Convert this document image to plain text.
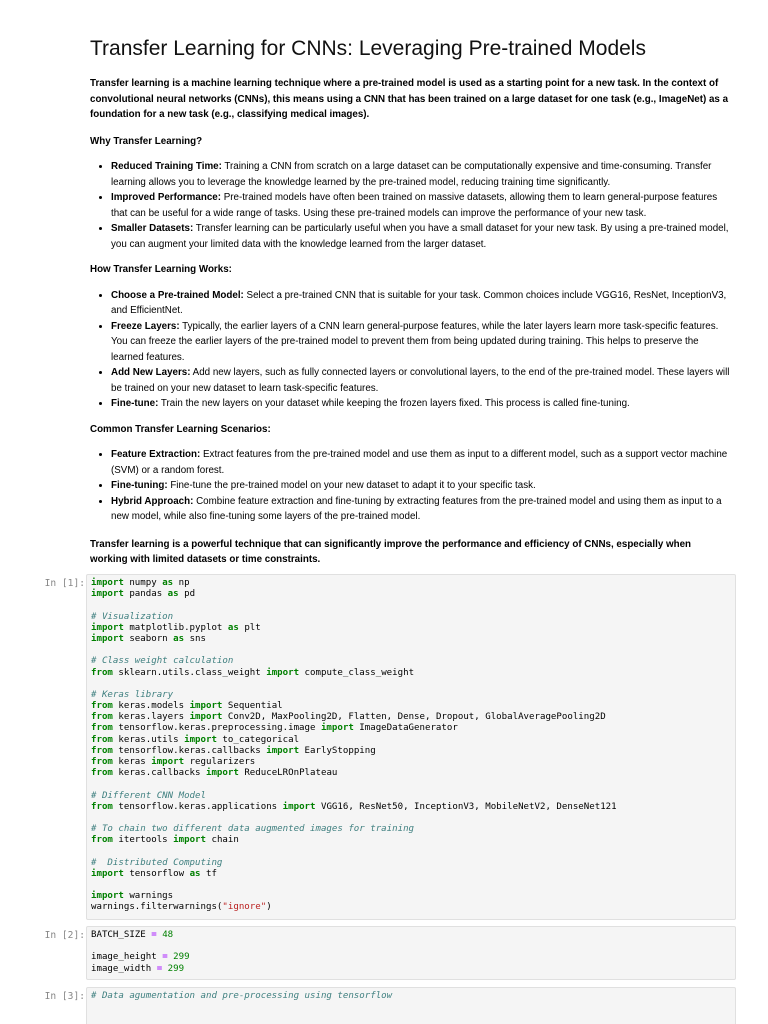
Transfer Learning for CNNs: Leveraging Pre-trained Models

Transfer learning is a machine learning technique where a pre-trained model is used as a starting point for a new task. In the context of convolutional neural networks (CNNs), this means using a CNN that has been trained on a large dataset for one task (e.g., ImageNet) as a foundation for a new task (e.g., classifying medical images).

Why Transfer Learning?

• Reduced Training Time: Training a CNN from scratch on a large dataset can be computationally expensive and time-consuming. Transfer learning allows you to leverage the knowledge learned by the pre-trained model, reducing training time significantly.
• Improved Performance: Pre-trained models have often been trained on massive datasets, allowing them to learn general-purpose features that can be useful for a wide range of tasks. Using these pre-trained models can improve the performance of your new task.
• Smaller Datasets: Transfer learning can be particularly useful when you have a small dataset for your new task. By using a pre-trained model, you can augment your limited data with the knowledge learned from the larger dataset.

How Transfer Learning Works:

• Choose a Pre-trained Model: Select a pre-trained CNN that is suitable for your task. Common choices include VGG16, ResNet, InceptionV3, and EfficientNet.
• Freeze Layers: Typically, the earlier layers of a CNN learn general-purpose features, while the later layers learn more task-specific features. You can freeze the earlier layers of the pre-trained model to prevent them from being updated during training. This helps to preserve the learned features.
• Add New Layers: Add new layers, such as fully connected layers or convolutional layers, to the end of the pre-trained model. These layers will be trained on your new dataset to learn task-specific features.
• Fine-tune: Train the new layers on your dataset while keeping the frozen layers fixed. This process is called fine-tuning.

Common Transfer Learning Scenarios:

• Feature Extraction: Extract features from the pre-trained model and use them as input to a different model, such as a support vector machine (SVM) or a random forest.
• Fine-tuning: Fine-tune the pre-trained model on your new dataset to adapt it to your specific task.
• Hybrid Approach: Combine feature extraction and fine-tuning by extracting features from the pre-trained model and using them as input to a new model, while also fine-tuning some layers of the pre-trained model.

Transfer learning is a powerful technique that can significantly improve the performance and efficiency of CNNs, especially when working with limited datasets or time constraints.

In [1]: import numpy as np
import pandas as pd

# Visualization
import matplotlib.pyplot as plt
import seaborn as sns

# Class weight calculation
from sklearn.utils.class_weight import compute_class_weight

# Keras library
from keras.models import Sequential
from keras.layers import Conv2D, MaxPooling2D, Flatten, Dense, Dropout, GlobalAveragePooling2D
from tensorflow.keras.preprocessing.image import ImageDataGenerator
from keras.utils import to_categorical
from tensorflow.keras.callbacks import EarlyStopping
from keras import regularizers
from keras.callbacks import ReduceLROnPlateau

# Different CNN Model
from tensorflow.keras.applications import VGG16, ResNet50, InceptionV3, MobileNetV2, DenseNet121

# To chain two different data augmented images for training
from itertools import chain

#  Distributed Computing
import tensorflow as tf

import warnings
warnings.filterwarnings("ignore")
In [2]: BATCH_SIZE = 48

image_height = 299
image_width = 299
In [3]: # Data agumentation and pre-processing using tensorflow
